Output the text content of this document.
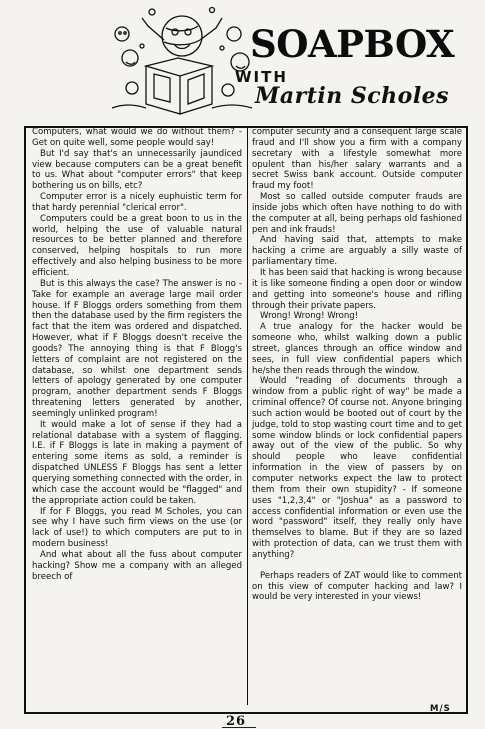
SOAPBOX
WITH
Martin Scholes

Computers, what would we do without them? - Get on quite well, some people would say!

But I'd say that's an unnecessarily jaundiced view because computers can be a great benefit to us. What about "computer errors" that keep bothering us on bills, etc?

Computer error is a nicely euphuistic term for that hardy perennial "clerical error".

Computers could be a great boon to us in the world, helping the use of valuable natural resources to be better planned and therefore conserved, helping hospitals to run more effectively and also helping business to be more efficient.

But is this always the case? The answer is no - Take for example an average large mail order house. If F Bloggs orders something from them then the database used by the firm registers the fact that the item was ordered and dispatched. However, what if F Bloggs doesn't receive the goods? The annoying thing is that F Blogg's letters of complaint are not registered on the database, so whilst one department sends letters of apology generated by one computer program, another department sends F Bloggs threatening letters generated by another, seemingly unlinked program!

It would make a lot of sense if they had a relational database with a system of flagging. I.E. if F Bloggs is late in making a payment of entering some items as sold, a reminder is dispatched UNLESS F Bloggs has sent a letter querying something connected with the order, in which case the account would be "flagged" and the appropriate action could be taken.

If for F Bloggs, you read M Scholes, you can see why I have such firm views on the use (or lack of use!) to which computers are put to in modern business!

And what about all the fuss about computer hacking? Show me a company with an alleged breech of

computer security and a consequent large scale fraud and I'll show you a firm with a company secretary with a lifestyle somewhat more opulent than his/her salary warrants and a secret Swiss bank account. Outside computer fraud my foot!

Most so called outside computer frauds are inside jobs which often have nothing to do with the computer at all, being perhaps old fashioned pen and ink frauds!

And having said that, attempts to make hacking a crime are arguably a silly waste of parliamentary time.

It has been said that hacking is wrong because it is like someone finding a open door or window and getting into someone's house and rifling through their private papers.

Wrong! Wrong! Wrong!

A true analogy for the hacker would be someone who, whilst walking down a public street, glances through an office window and sees, in full view confidential papers which he/she then reads through the window.

Would "reading of documents through a window from a public right of way" be made a criminal offence? Of course not. Anyone bringing such action would be booted out of court by the judge, told to stop wasting court time and to get some window blinds or lock confidential papers away out of the view of the public. So why should people who leave confidential information in the view of passers by on computer networks expect the law to protect them from their own stupidity? - If someone uses "1,2,3,4" or "Joshua" as a password to access confidential information or even use the word "password" itself, they really only have themselves to blame. But if they are so lazed with protection of data, can we trust them with anything?

Perhaps readers of ZAT would like to comment on this view of computer hacking and law? I would be very interested in your views!

M/S
26
